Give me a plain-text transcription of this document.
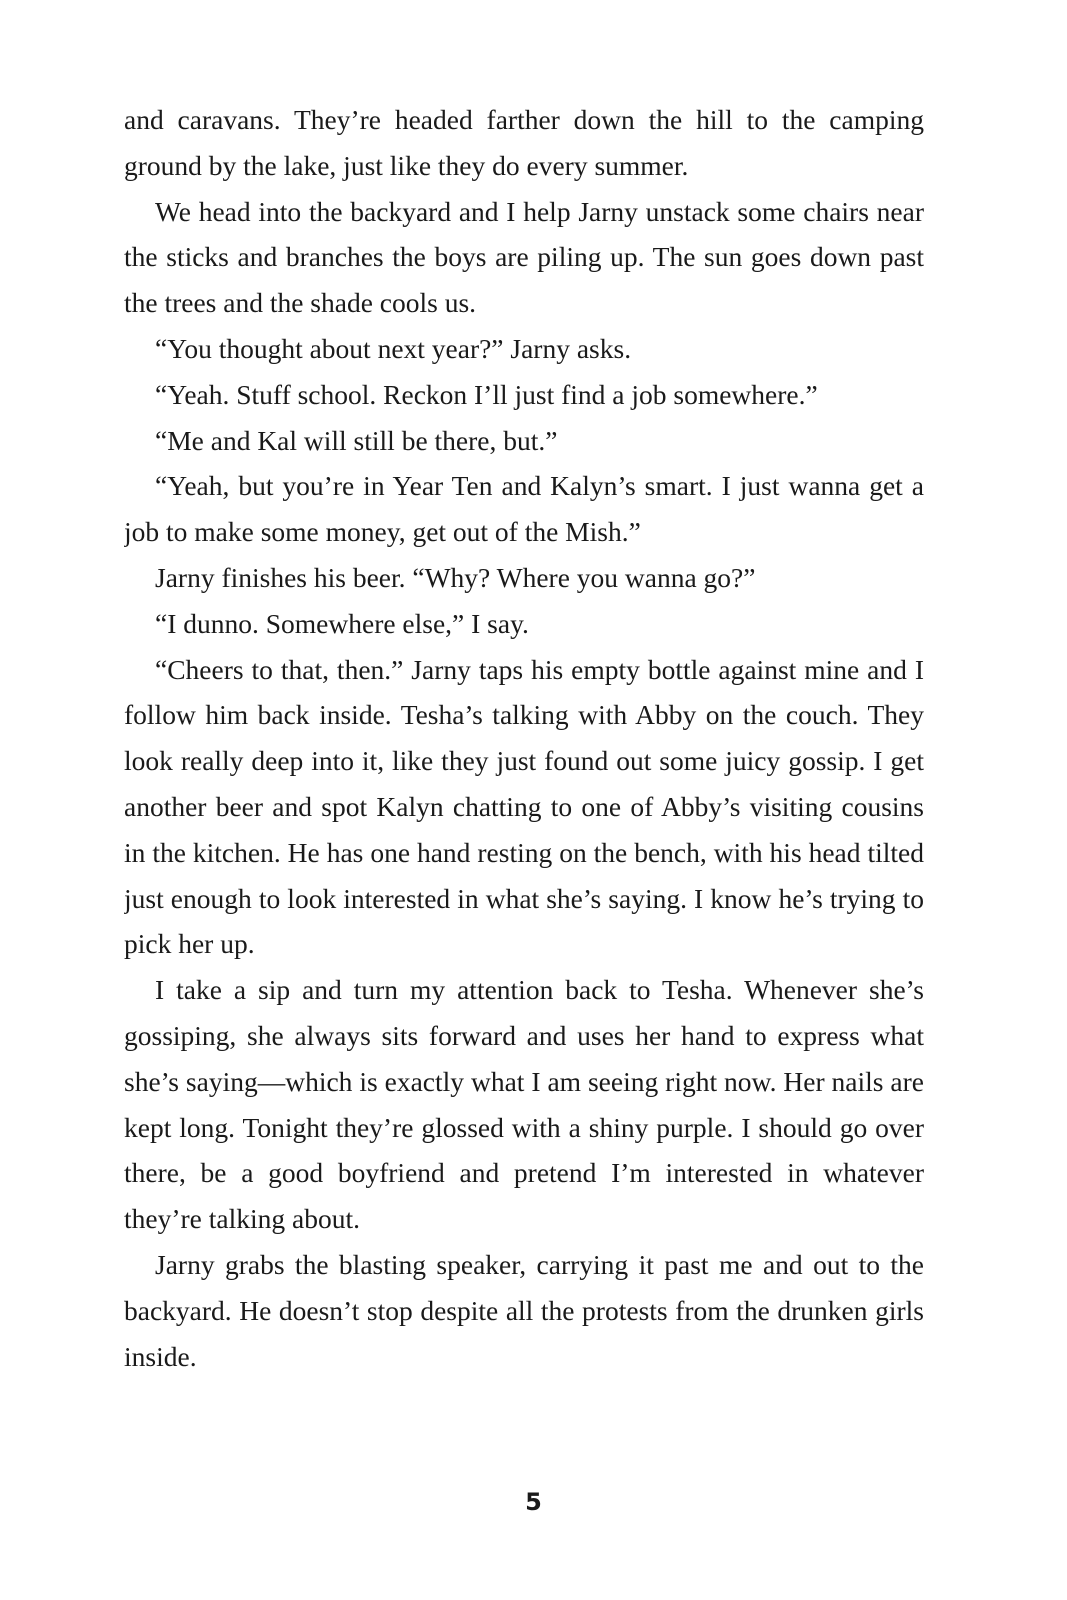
and caravans. They’re headed farther down the hill to the camping ground by the lake, just like they do every summer.

We head into the backyard and I help Jarny unstack some chairs near the sticks and branches the boys are piling up. The sun goes down past the trees and the shade cools us.

“You thought about next year?” Jarny asks.

“Yeah. Stuff school. Reckon I’ll just find a job somewhere.”

“Me and Kal will still be there, but.”

“Yeah, but you’re in Year Ten and Kalyn’s smart. I just wanna get a job to make some money, get out of the Mish.”

Jarny finishes his beer. “Why? Where you wanna go?”

“I dunno. Somewhere else,” I say.

“Cheers to that, then.” Jarny taps his empty bottle against mine and I follow him back inside. Tesha’s talking with Abby on the couch. They look really deep into it, like they just found out some juicy gossip. I get another beer and spot Kalyn chatting to one of Abby’s visiting cousins in the kitchen. He has one hand resting on the bench, with his head tilted just enough to look interested in what she’s saying. I know he’s trying to pick her up.

I take a sip and turn my attention back to Tesha. Whenever she’s gossiping, she always sits forward and uses her hand to express what she’s saying—which is exactly what I am seeing right now. Her nails are kept long. Tonight they’re glossed with a shiny purple. I should go over there, be a good boyfriend and pretend I’m interested in whatever they’re talking about.

Jarny grabs the blasting speaker, carrying it past me and out to the backyard. He doesn’t stop despite all the protests from the drunken girls inside.

5
